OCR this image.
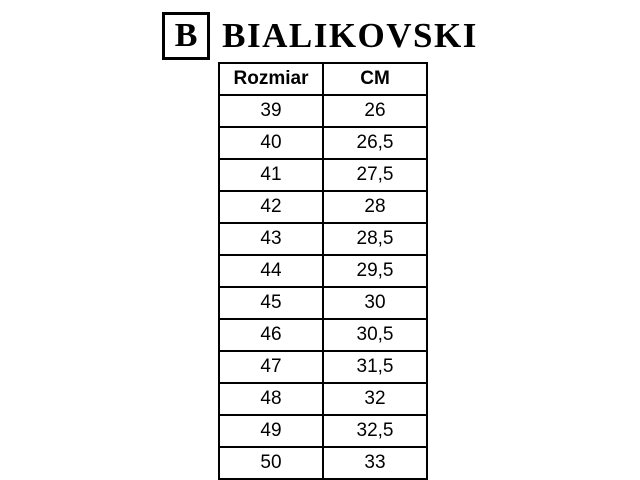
B BIALIKOVSKI
Rozmiar	CM
39	26
40	26,5
41	27,5
42	28
43	28,5
44	29,5
45	30
46	30,5
47	31,5
48	32
49	32,5
50	33
